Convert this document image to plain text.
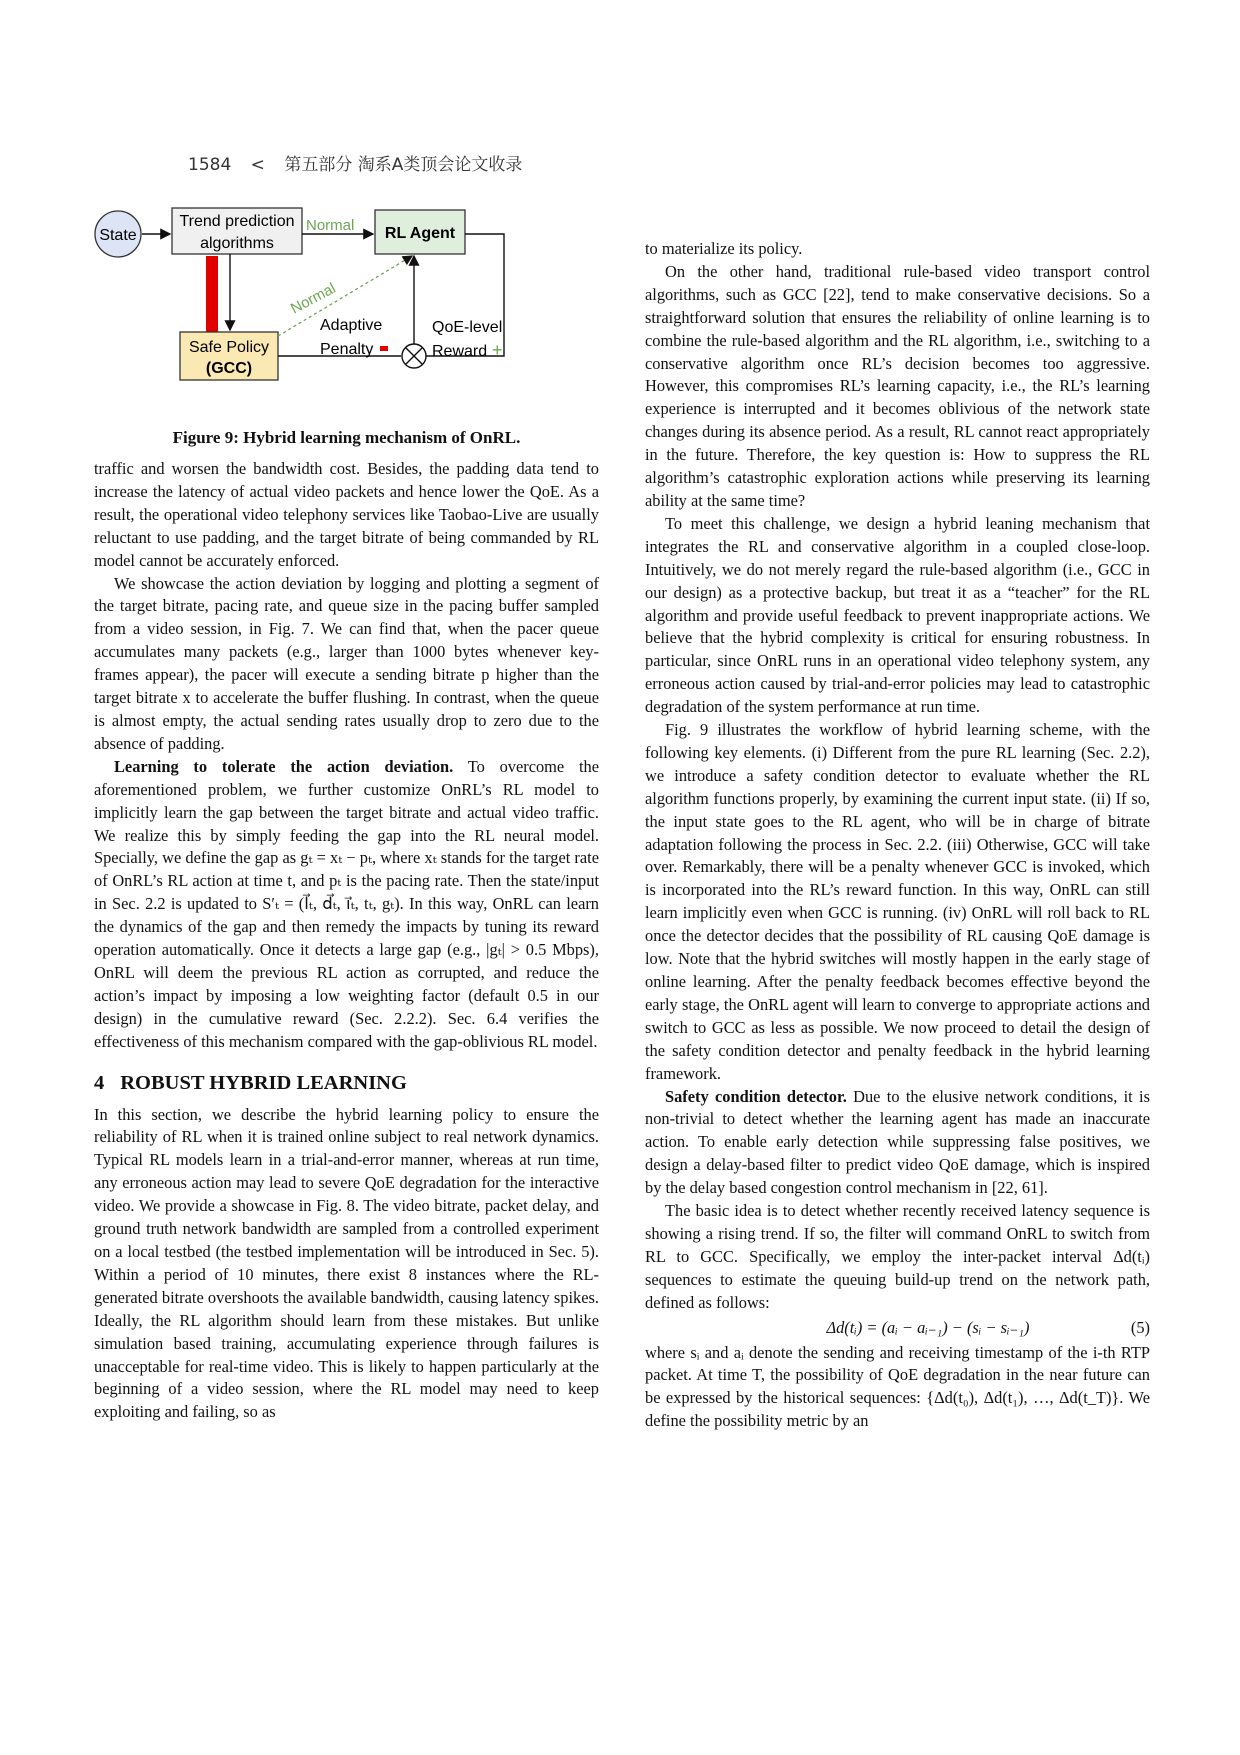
1584 < 第五部分 淘系A类顶会论文收录
State
Trend prediction
algorithms
Normal RL Agent
Safe Policy
(GCC)
Normal
Adaptive
Penalty
QoE-level
Reward +
Figure 9: Hybrid learning mechanism of OnRL.

traffic and worsen the bandwidth cost. Besides, the padding data tend to increase the latency of actual video packets and hence lower the QoE. As a result, the operational video telephony services like Taobao-Live are usually reluctant to use padding, and the target bitrate of being commanded by RL model cannot be accurately enforced.

We showcase the action deviation by logging and plotting a segment of the target bitrate, pacing rate, and queue size in the pacing buffer sampled from a video session, in Fig. 7. We can find that, when the pacer queue accumulates many packets (e.g., larger than 1000 bytes whenever key-frames appear), the pacer will execute a sending bitrate p higher than the target bitrate x to accelerate the buffer flushing. In contrast, when the queue is almost empty, the actual sending rates usually drop to zero due to the absence of padding.

Learning to tolerate the action deviation. To overcome the aforementioned problem, we further customize OnRL’s RL model to implicitly learn the gap between the target bitrate and actual video traffic. We realize this by simply feeding the gap into the RL neural model. Specially, we define the gap as gₜ = xₜ − pₜ, where xₜ stands for the target rate of OnRL’s RL action at time t, and pₜ is the pacing rate. Then the state/input in Sec. 2.2 is updated to S′ₜ = (l⃗ₜ, d⃗ₜ, i⃗ₜ, tₜ, gₜ). In this way, OnRL can learn the dynamics of the gap and then remedy the impacts by tuning its reward operation automatically. Once it detects a large gap (e.g., |gₜ| > 0.5 Mbps), OnRL will deem the previous RL action as corrupted, and reduce the action’s impact by imposing a low weighting factor (default 0.5 in our design) in the cumulative reward (Sec. 2.2.2). Sec. 6.4 verifies the effectiveness of this mechanism compared with the gap-oblivious RL model.

4 ROBUST HYBRID LEARNING

In this section, we describe the hybrid learning policy to ensure the reliability of RL when it is trained online subject to real network dynamics. Typical RL models learn in a trial-and-error manner, whereas at run time, any erroneous action may lead to severe QoE degradation for the interactive video. We provide a showcase in Fig. 8. The video bitrate, packet delay, and ground truth network bandwidth are sampled from a controlled experiment on a local testbed (the testbed implementation will be introduced in Sec. 5). Within a period of 10 minutes, there exist 8 instances where the RL-generated bitrate overshoots the available bandwidth, causing latency spikes. Ideally, the RL algorithm should learn from these mistakes. But unlike simulation based training, accumulating experience through failures is unacceptable for real-time video. This is likely to happen particularly at the beginning of a video session, where the RL model may need to keep exploiting and failing, so as

to materialize its policy.

On the other hand, traditional rule-based video transport control algorithms, such as GCC [22], tend to make conservative decisions. So a straightforward solution that ensures the reliability of online learning is to combine the rule-based algorithm and the RL algorithm, i.e., switching to a conservative algorithm once RL’s decision becomes too aggressive. However, this compromises RL’s learning capacity, i.e., the RL’s learning experience is interrupted and it becomes oblivious of the network state changes during its absence period. As a result, RL cannot react appropriately in the future. Therefore, the key question is: How to suppress the RL algorithm’s catastrophic exploration actions while preserving its learning ability at the same time?

To meet this challenge, we design a hybrid leaning mechanism that integrates the RL and conservative algorithm in a coupled close-loop. Intuitively, we do not merely regard the rule-based algorithm (i.e., GCC in our design) as a protective backup, but treat it as a “teacher” for the RL algorithm and provide useful feedback to prevent inappropriate actions. We believe that the hybrid complexity is critical for ensuring robustness. In particular, since OnRL runs in an operational video telephony system, any erroneous action caused by trial-and-error policies may lead to catastrophic degradation of the system performance at run time.

Fig. 9 illustrates the workflow of hybrid learning scheme, with the following key elements. (i) Different from the pure RL learning (Sec. 2.2), we introduce a safety condition detector to evaluate whether the RL algorithm functions properly, by examining the current input state. (ii) If so, the input state goes to the RL agent, who will be in charge of bitrate adaptation following the process in Sec. 2.2. (iii) Otherwise, GCC will take over. Remarkably, there will be a penalty whenever GCC is invoked, which is incorporated into the RL’s reward function. In this way, OnRL can still learn implicitly even when GCC is running. (iv) OnRL will roll back to RL once the detector decides that the possibility of RL causing QoE damage is low. Note that the hybrid switches will mostly happen in the early stage of online learning. After the penalty feedback becomes effective beyond the early stage, the OnRL agent will learn to converge to appropriate actions and switch to GCC as less as possible. We now proceed to detail the design of the safety condition detector and penalty feedback in the hybrid learning framework.

Safety condition detector. Due to the elusive network conditions, it is non-trivial to detect whether the learning agent has made an inaccurate action. To enable early detection while suppressing false positives, we design a delay-based filter to predict video QoE damage, which is inspired by the delay based congestion control mechanism in [22, 61].

The basic idea is to detect whether recently received latency sequence is showing a rising trend. If so, the filter will command OnRL to switch from RL to GCC. Specifically, we employ the inter-packet interval Δd(tᵢ) sequences to estimate the queuing build-up trend on the network path, defined as follows:

Δd(tᵢ) = (aᵢ − aᵢ₋₁) − (sᵢ − sᵢ₋₁)	(5)

where sᵢ and aᵢ denote the sending and receiving timestamp of the i-th RTP packet. At time T, the possibility of QoE degradation in the near future can be expressed by the historical sequences: {Δd(t₀), Δd(t₁), …, Δd(t_T)}. We define the possibility metric by an
